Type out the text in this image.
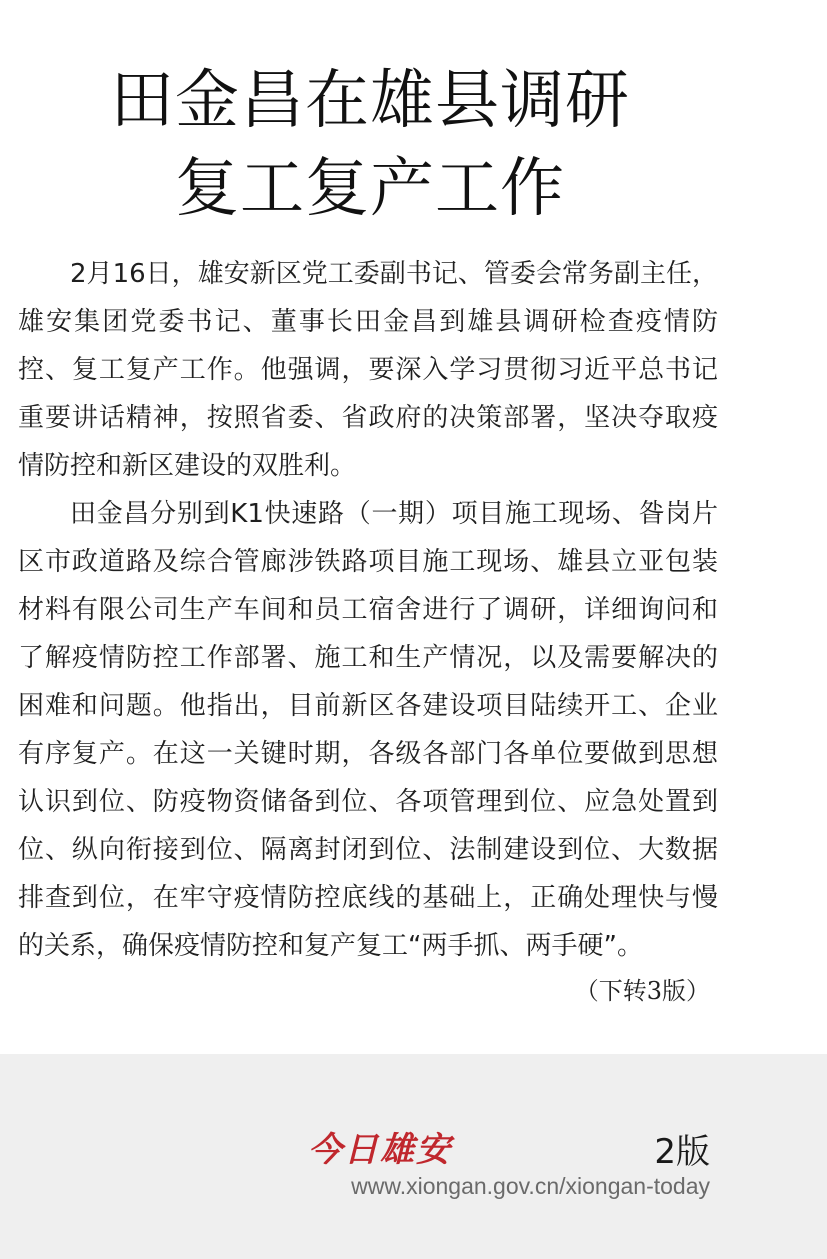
田金昌在雄县调研
复工复产工作

2月16日，雄安新区党工委副书记、管委会常务副主任，雄安集团党委书记、董事长田金昌到雄县调研检查疫情防控、复工复产工作。他强调，要深入学习贯彻习近平总书记重要讲话精神，按照省委、省政府的决策部署，坚决夺取疫情防控和新区建设的双胜利。

田金昌分别到K1快速路（一期）项目施工现场、昝岗片区市政道路及综合管廊涉铁路项目施工现场、雄县立亚包装材料有限公司生产车间和员工宿舍进行了调研，详细询问和了解疫情防控工作部署、施工和生产情况，以及需要解决的困难和问题。他指出，目前新区各建设项目陆续开工、企业有序复产。在这一关键时期，各级各部门各单位要做到思想认识到位、防疫物资储备到位、各项管理到位、应急处置到位、纵向衔接到位、隔离封闭到位、法制建设到位、大数据排查到位，在牢守疫情防控底线的基础上，正确处理快与慢的关系，确保疫情防控和复产复工“两手抓、两手硬”。

（下转3版）
今日雄安	2版
www.xiongan.gov.cn/xiongan-today
